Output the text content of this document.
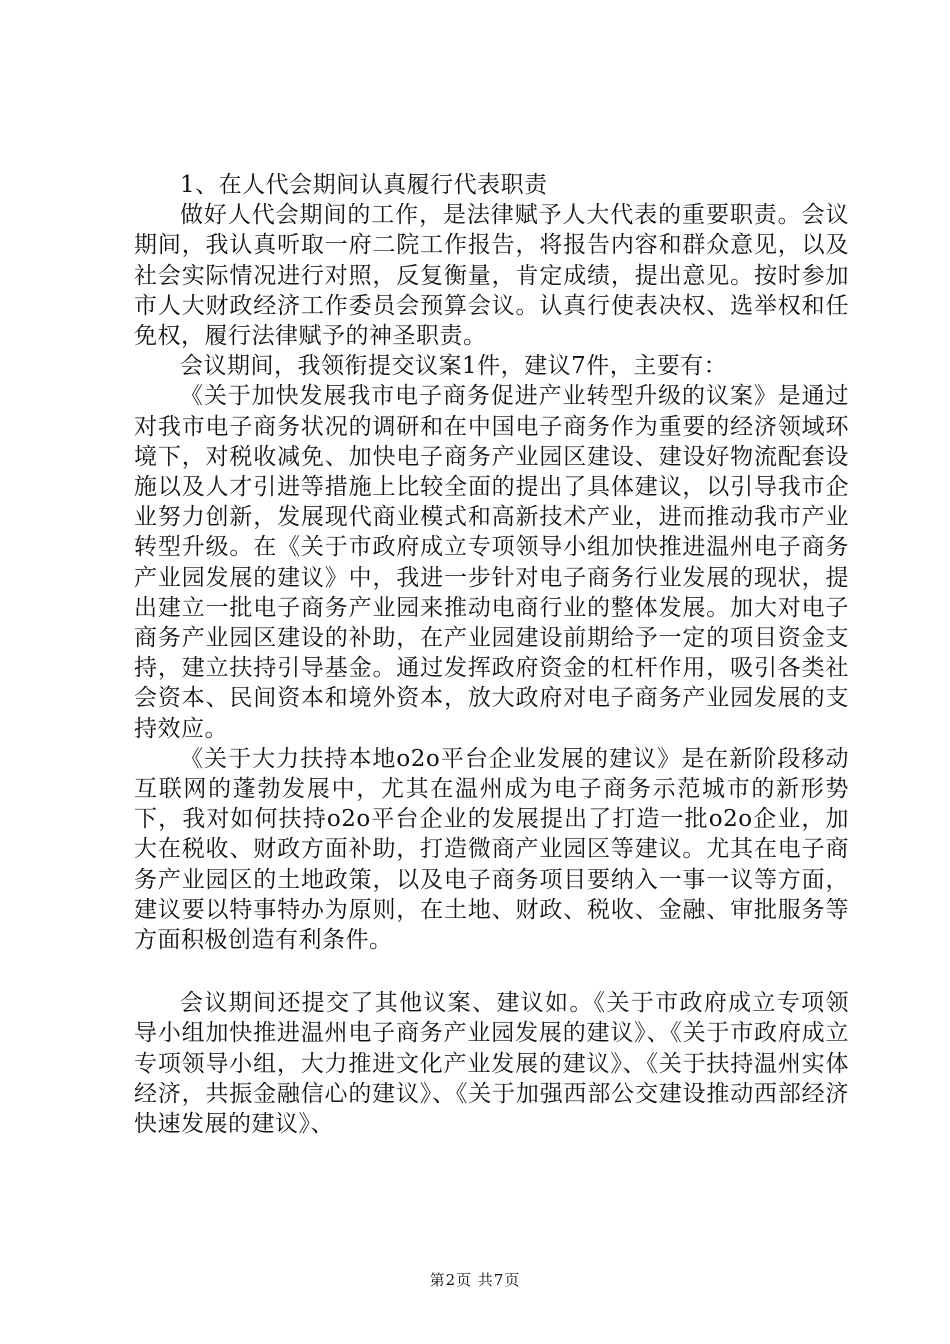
1、在人代会期间认真履行代表职责

做好人代会期间的工作，是法律赋予人大代表的重要职责。会议期间，我认真听取一府二院工作报告，将报告内容和群众意见，以及社会实际情况进行对照，反复衡量，肯定成绩，提出意见。按时参加市人大财政经济工作委员会预算会议。认真行使表决权、选举权和任免权，履行法律赋予的神圣职责。

会议期间，我领衔提交议案1件，建议7件，主要有：

《关于加快发展我市电子商务促进产业转型升级的议案》是通过对我市电子商务状况的调研和在中国电子商务作为重要的经济领域环境下，对税收减免、加快电子商务产业园区建设、建设好物流配套设施以及人才引进等措施上比较全面的提出了具体建议，以引导我市企业努力创新，发展现代商业模式和高新技术产业，进而推动我市产业转型升级。在《关于市政府成立专项领导小组加快推进温州电子商务产业园发展的建议》中，我进一步针对电子商务行业发展的现状，提出建立一批电子商务产业园来推动电商行业的整体发展。加大对电子商务产业园区建设的补助，在产业园建设前期给予一定的项目资金支持，建立扶持引导基金。通过发挥政府资金的杠杆作用，吸引各类社会资本、民间资本和境外资本，放大政府对电子商务产业园发展的支持效应。

《关于大力扶持本地o2o平台企业发展的建议》是在新阶段移动互联网的蓬勃发展中，尤其在温州成为电子商务示范城市的新形势下，我对如何扶持o2o平台企业的发展提出了打造一批o2o企业，加大在税收、财政方面补助，打造微商产业园区等建议。尤其在电子商务产业园区的土地政策，以及电子商务项目要纳入一事一议等方面，建议要以特事特办为原则，在土地、财政、税收、金融、审批服务等方面积极创造有利条件。

会议期间还提交了其他议案、建议如。《关于市政府成立专项领导小组加快推进温州电子商务产业园发展的建议》、《关于市政府成立专项领导小组，大力推进文化产业发展的建议》、《关于扶持温州实体经济，共振金融信心的建议》、《关于加强西部公交建设推动西部经济快速发展的建议》、

第2页 共7页
